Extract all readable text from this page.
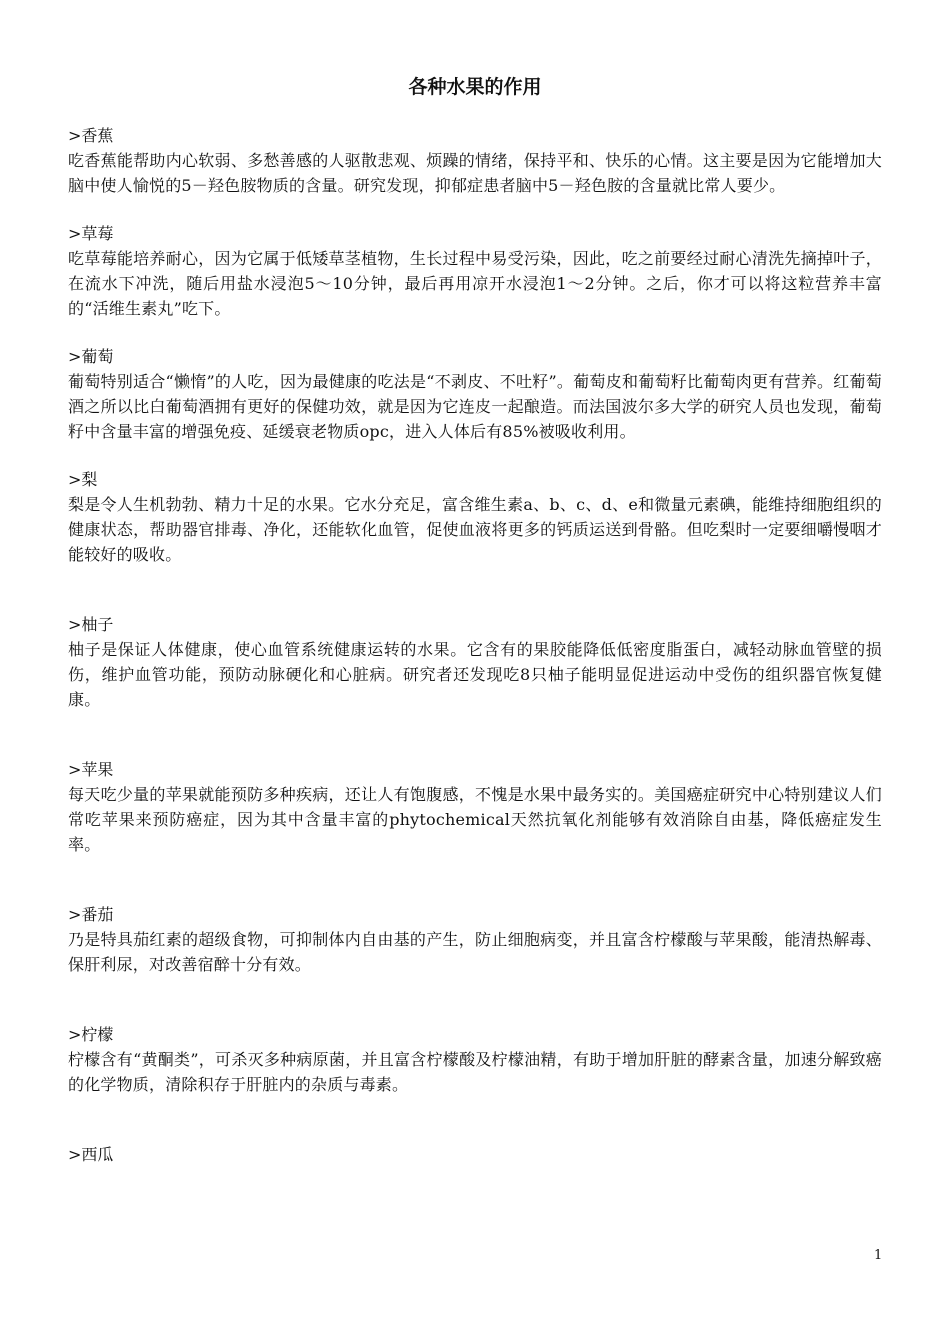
各种水果的作用

>香蕉

吃香蕉能帮助内心软弱、多愁善感的人驱散悲观、烦躁的情绪，保持平和、快乐的心情。这主要是因为它能增加大脑中使人愉悦的5－羟色胺物质的含量。研究发现，抑郁症患者脑中5－羟色胺的含量就比常人要少。

>草莓

吃草莓能培养耐心，因为它属于低矮草茎植物，生长过程中易受污染，因此，吃之前要经过耐心清洗先摘掉叶子，在流水下冲洗，随后用盐水浸泡5～10分钟，最后再用凉开水浸泡1～2分钟。之后，你才可以将这粒营养丰富的“活维生素丸”吃下。

>葡萄

葡萄特别适合“懒惰”的人吃，因为最健康的吃法是“不剥皮、不吐籽”。葡萄皮和葡萄籽比葡萄肉更有营养。红葡萄酒之所以比白葡萄酒拥有更好的保健功效，就是因为它连皮一起酿造。而法国波尔多大学的研究人员也发现，葡萄籽中含量丰富的增强免疫、延缓衰老物质opc，进入人体后有85%被吸收利用。

>梨

梨是令人生机勃勃、精力十足的水果。它水分充足，富含维生素a、b、c、d、e和微量元素碘，能维持细胞组织的健康状态，帮助器官排毒、净化，还能软化血管，促使血液将更多的钙质运送到骨骼。但吃梨时一定要细嚼慢咽才能较好的吸收。

>柚子

柚子是保证人体健康，使心血管系统健康运转的水果。它含有的果胶能降低低密度脂蛋白，减轻动脉血管壁的损伤，维护血管功能，预防动脉硬化和心脏病。研究者还发现吃8只柚子能明显促进运动中受伤的组织器官恢复健康。

>苹果

每天吃少量的苹果就能预防多种疾病，还让人有饱腹感，不愧是水果中最务实的。美国癌症研究中心特别建议人们常吃苹果来预防癌症，因为其中含量丰富的phytochemical天然抗氧化剂能够有效消除自由基，降低癌症发生率。

>番茄

乃是特具茄红素的超级食物，可抑制体内自由基的产生，防止细胞病变，并且富含柠檬酸与苹果酸，能清热解毒、保肝利尿，对改善宿醉十分有效。

>柠檬

柠檬含有“黄酮类”，可杀灭多种病原菌，并且富含柠檬酸及柠檬油精，有助于增加肝脏的酵素含量，加速分解致癌的化学物质，清除积存于肝脏内的杂质与毒素。

>西瓜

1
